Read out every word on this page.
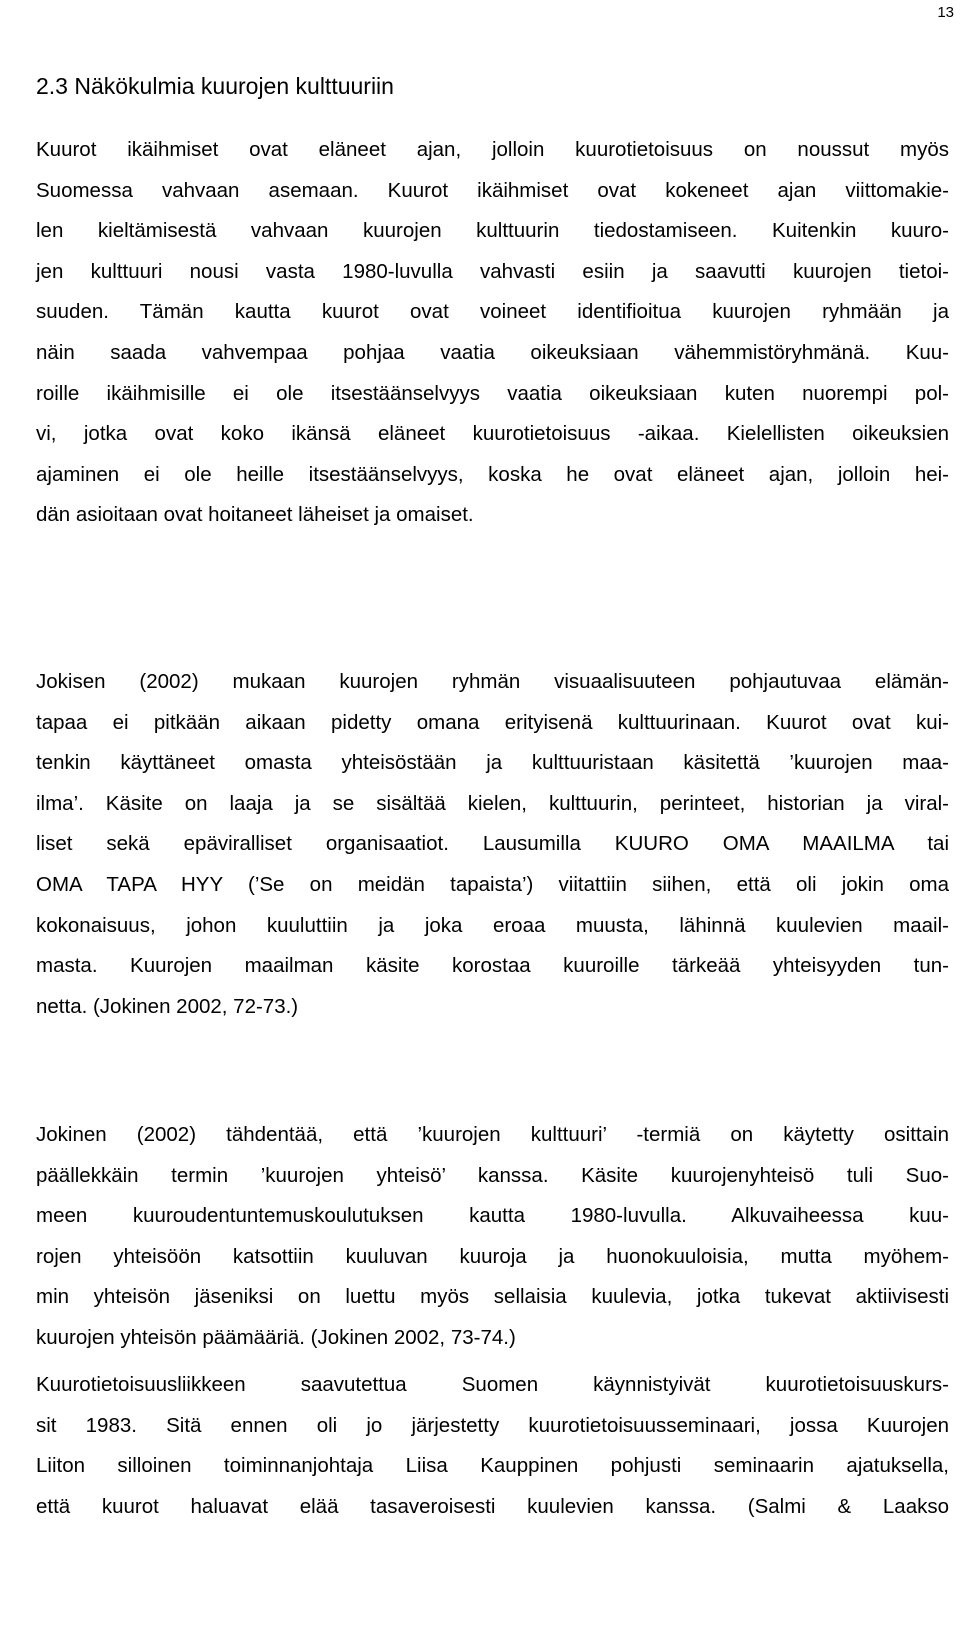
13
2.3 Näkökulmia kuurojen kulttuuriin

Kuurot ikäihmiset ovat eläneet ajan, jolloin kuurotietoisuus on noussut myös
Suomessa vahvaan asemaan. Kuurot ikäihmiset ovat kokeneet ajan viittomakie-
len kieltämisestä vahvaan kuurojen kulttuurin tiedostamiseen. Kuitenkin kuuro-
jen kulttuuri nousi vasta 1980-luvulla vahvasti esiin ja saavutti kuurojen tietoi-
suuden. Tämän kautta kuurot ovat voineet identifioitua kuurojen ryhmään ja
näin saada vahvempaa pohjaa vaatia oikeuksiaan vähemmistöryhmänä. Kuu-
roille ikäihmisille ei ole itsestäänselvyys vaatia oikeuksiaan kuten nuorempi pol-
vi, jotka ovat koko ikänsä eläneet kuurotietoisuus -aikaa. Kielellisten oikeuksien
ajaminen ei ole heille itsestäänselvyys, koska he ovat eläneet ajan, jolloin hei-
dän asioitaan ovat hoitaneet läheiset ja omaiset.

Jokisen (2002) mukaan kuurojen ryhmän visuaalisuuteen pohjautuvaa elämän-
tapaa ei pitkään aikaan pidetty omana erityisenä kulttuurinaan. Kuurot ovat kui-
tenkin käyttäneet omasta yhteisöstään ja kulttuuristaan käsitettä ’kuurojen maa-
ilma’. Käsite on laaja ja se sisältää kielen, kulttuurin, perinteet, historian ja viral-
liset sekä epäviralliset organisaatiot. Lausumilla KUURO OMA MAAILMA tai
OMA TAPA HYY (’Se on meidän tapaista’) viitattiin siihen, että oli jokin oma
kokonaisuus, johon kuuluttiin ja joka eroaa muusta, lähinnä kuulevien maail-
masta. Kuurojen maailman käsite korostaa kuuroille tärkeää yhteisyyden tun-
netta. (Jokinen 2002, 72-73.)

Jokinen (2002) tähdentää, että ’kuurojen kulttuuri’ -termiä on käytetty osittain
päällekkäin termin ’kuurojen yhteisö’ kanssa. Käsite kuurojenyhteisö tuli Suo-
meen kuuroudentuntemuskoulutuksen kautta 1980-luvulla. Alkuvaiheessa kuu-
rojen yhteisöön katsottiin kuuluvan kuuroja ja huonokuuloisia, mutta myöhem-
min yhteisön jäseniksi on luettu myös sellaisia kuulevia, jotka tukevat aktiivisesti
kuurojen yhteisön päämääriä. (Jokinen 2002, 73-74.)

Kuurotietoisuusliikkeen saavutettua Suomen käynnistyivät kuurotietoisuuskurs-
sit 1983. Sitä ennen oli jo järjestetty kuurotietoisuusseminaari, jossa Kuurojen
Liiton silloinen toiminnanjohtaja Liisa Kauppinen pohjusti seminaarin ajatuksella,
että kuurot haluavat elää tasaveroisesti kuulevien kanssa. (Salmi & Laakso
